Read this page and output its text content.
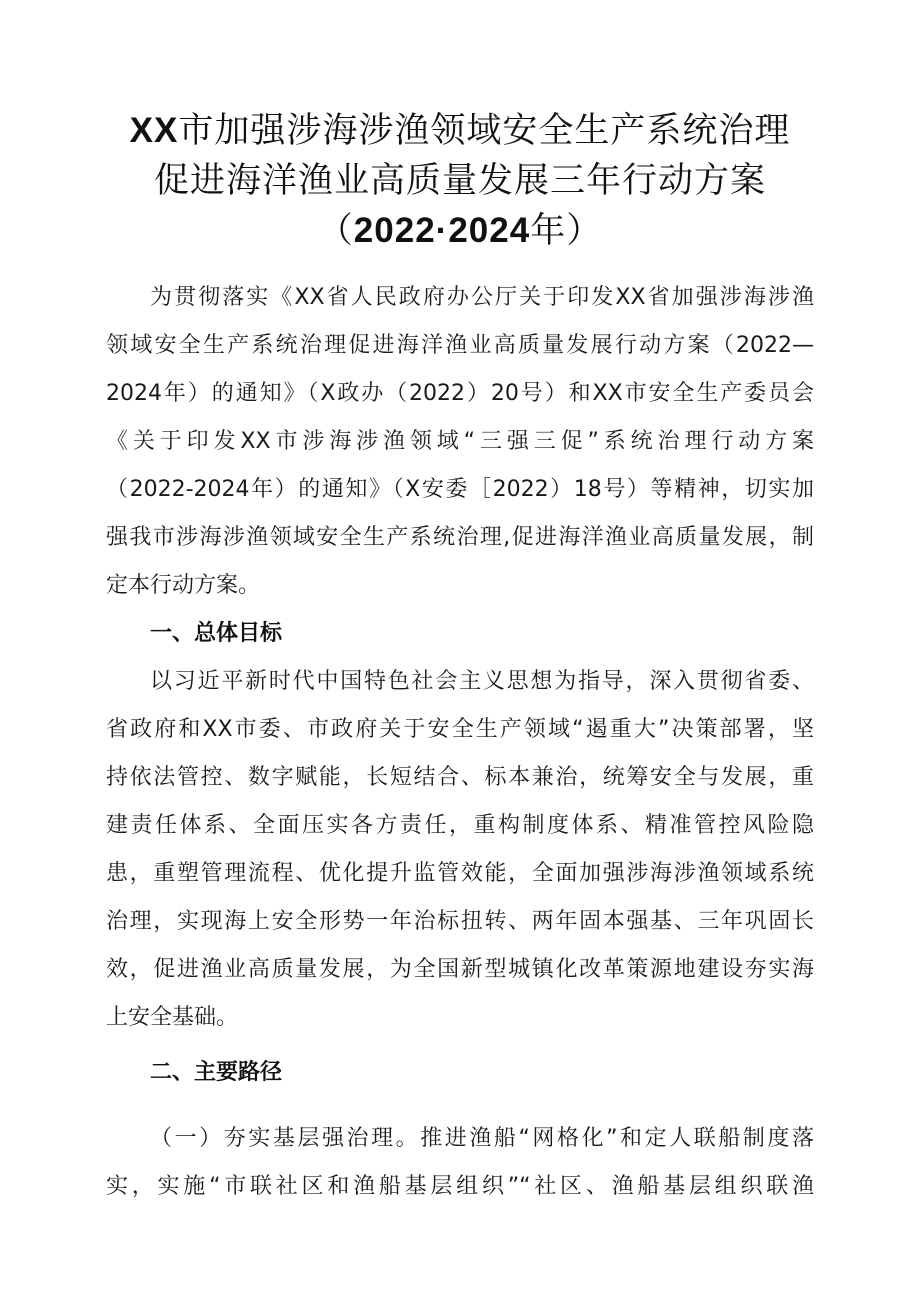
XX市加强涉海涉渔领域安全生产系统治理
促进海洋渔业高质量发展三年行动方案
（2022·2024年）
为贯彻落实《XX省人民政府办公厅关于印发XX省加强涉海涉渔
领域安全生产系统治理促进海洋渔业高质量发展行动方案（2022—
2024年）的通知》（X政办（2022）20号）和XX市安全生产委员会
《关于印发XX市涉海涉渔领域“三强三促”系统治理行动方案
（2022-2024年）的通知》（X安委［2022）18号）等精神，切实加
强我市涉海涉渔领域安全生产系统治理,促进海洋渔业高质量发展，制
定本行动方案。
一、总体目标
以习近平新时代中国特色社会主义思想为指导，深入贯彻省委、
省政府和XX市委、市政府关于安全生产领域“遏重大”决策部署，坚
持依法管控、数字赋能，长短结合、标本兼治，统筹安全与发展，重
建责任体系、全面压实各方责任，重构制度体系、精准管控风险隐
患，重塑管理流程、优化提升监管效能，全面加强涉海涉渔领域系统
治理，实现海上安全形势一年治标扭转、两年固本强基、三年巩固长
效，促进渔业高质量发展，为全国新型城镇化改革策源地建设夯实海
上安全基础。
二、主要路径
（一）夯实基层强治理。推进渔船“网格化”和定人联船制度落
实，实施“市联社区和渔船基层组织”“社区、渔船基层组织联渔
